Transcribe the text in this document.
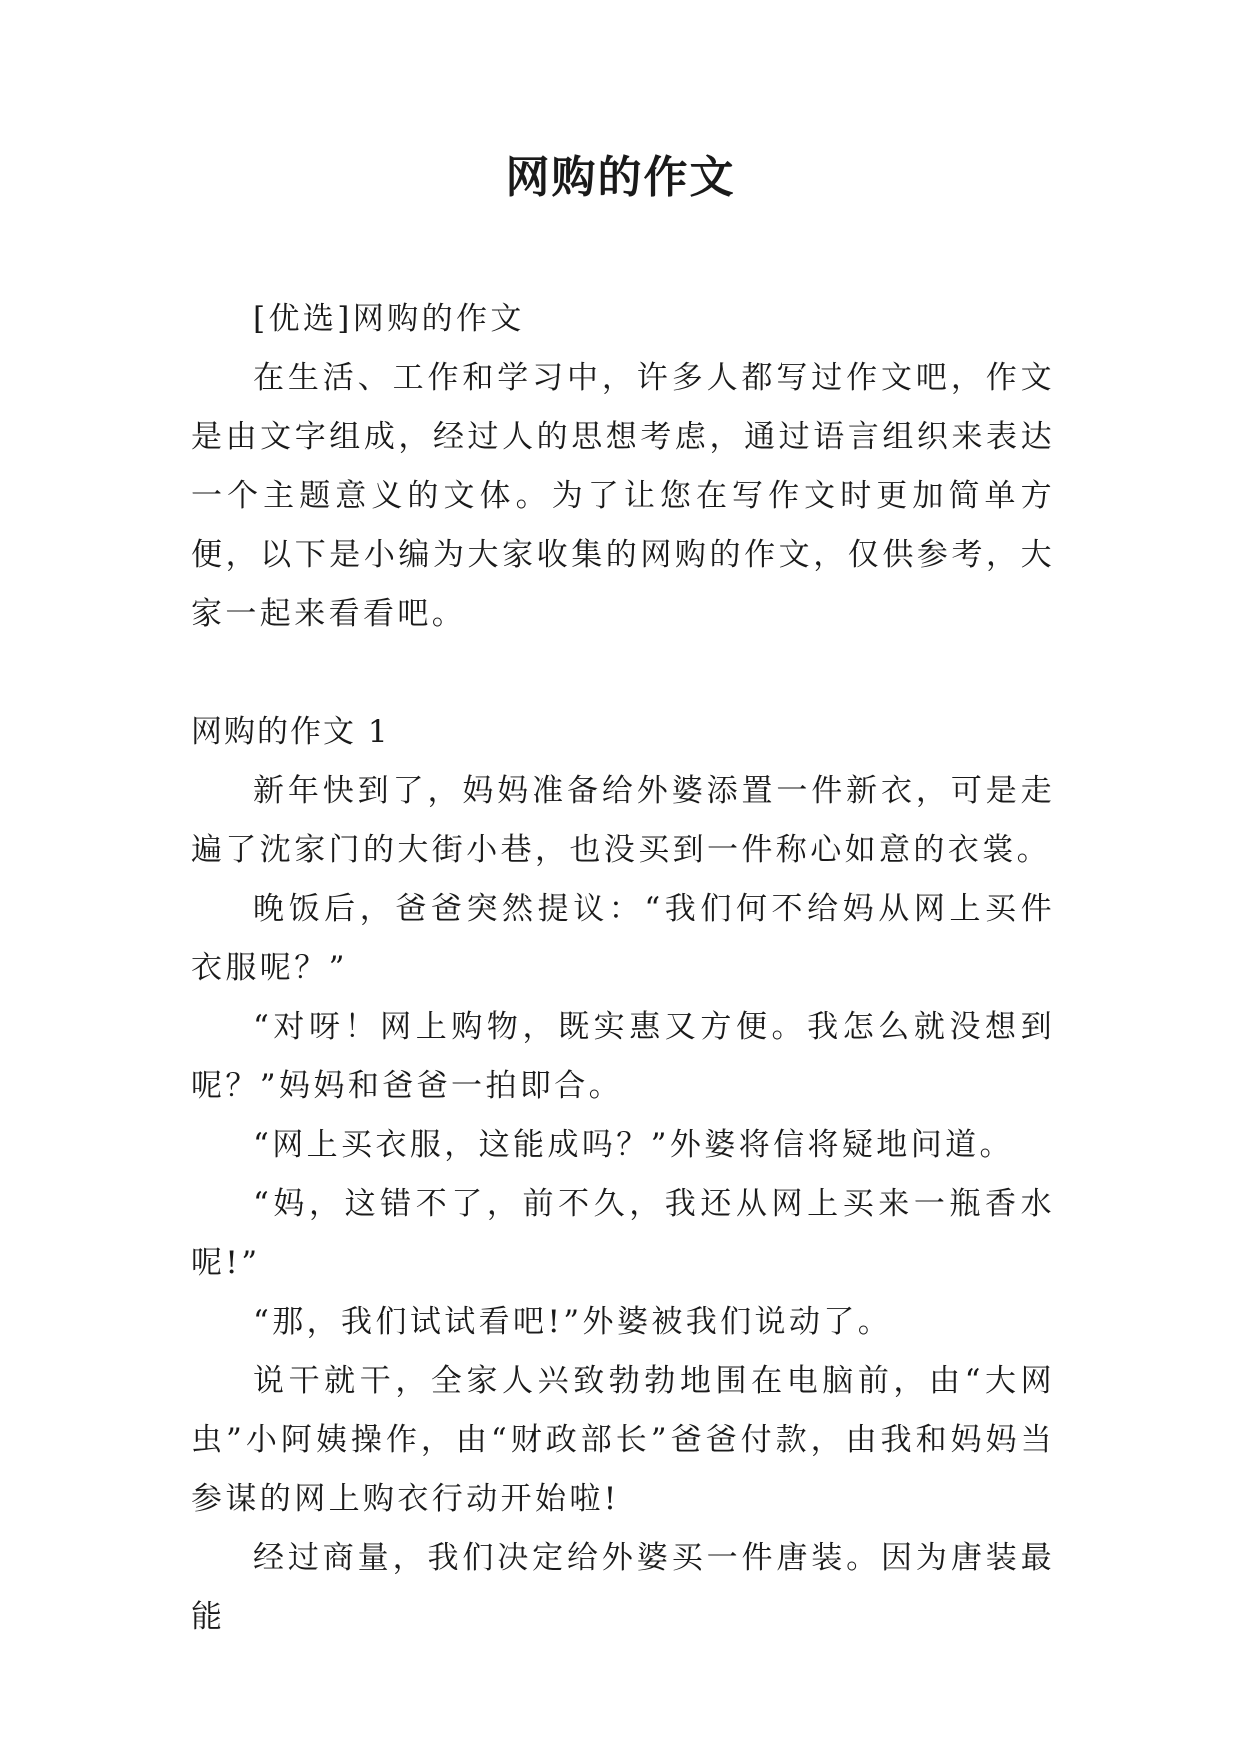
网购的作文

[优选]网购的作文

在生活、工作和学习中，许多人都写过作文吧，作文是由文字组成，经过人的思想考虑，通过语言组织来表达一个主题意义的文体。为了让您在写作文时更加简单方便，以下是小编为大家收集的网购的作文，仅供参考，大家一起来看看吧。

网购的作文 1

新年快到了，妈妈准备给外婆添置一件新衣，可是走遍了沈家门的大街小巷，也没买到一件称心如意的衣裳。

晚饭后，爸爸突然提议：“我们何不给妈从网上买件衣服呢？”

“对呀！网上购物，既实惠又方便。我怎么就没想到呢？”妈妈和爸爸一拍即合。

“网上买衣服，这能成吗？”外婆将信将疑地问道。

“妈，这错不了，前不久，我还从网上买来一瓶香水呢!”

“那，我们试试看吧!”外婆被我们说动了。

说干就干，全家人兴致勃勃地围在电脑前，由“大网虫”小阿姨操作，由“财政部长”爸爸付款，由我和妈妈当参谋的网上购衣行动开始啦!

经过商量，我们决定给外婆买一件唐装。因为唐装最能
